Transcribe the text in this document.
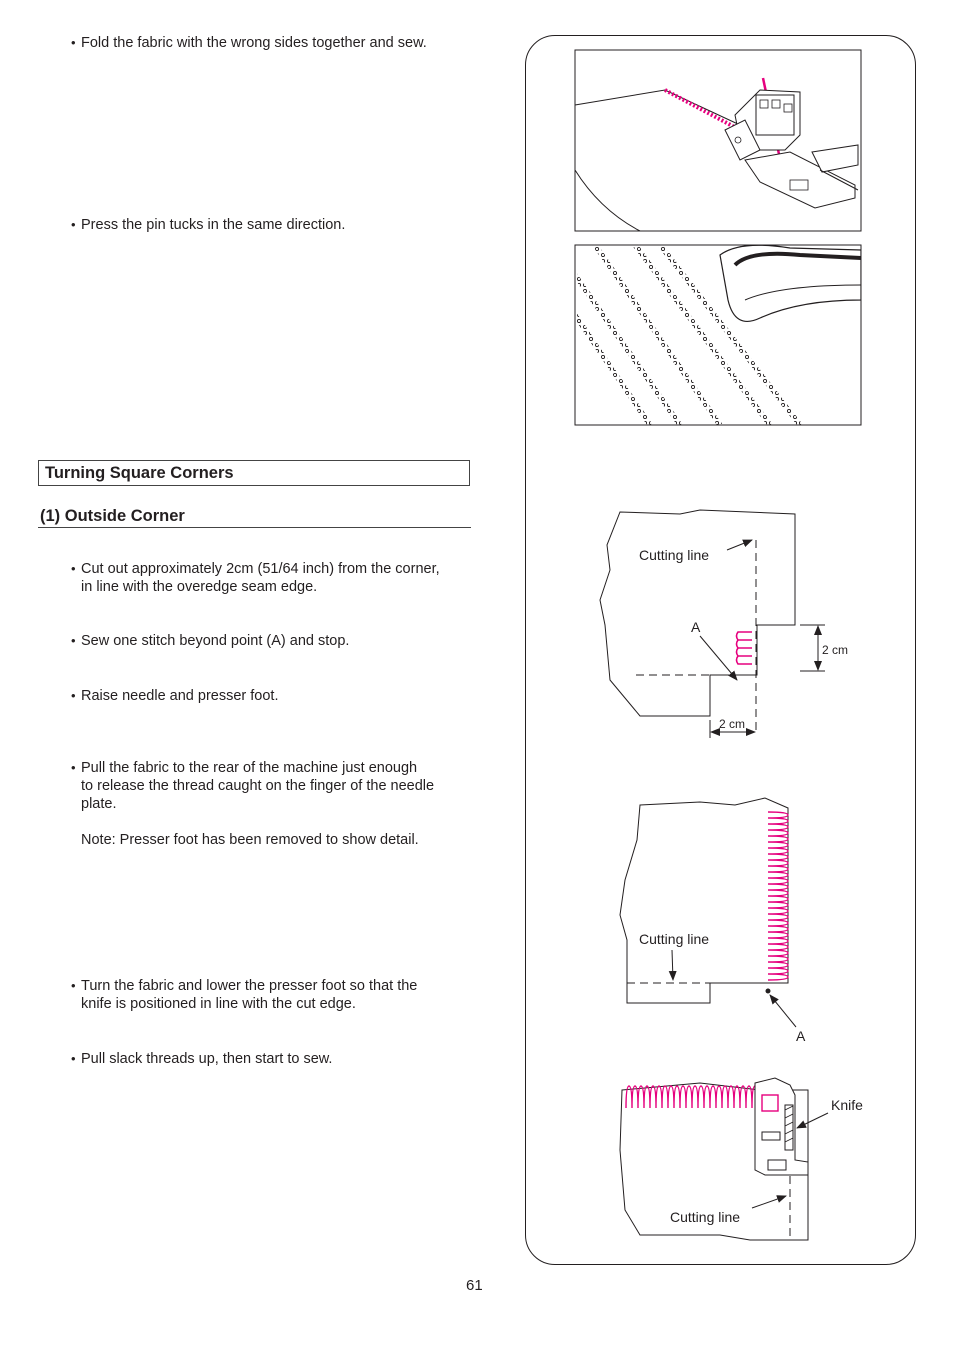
• Fold the fabric with the wrong sides together and sew.
• Press the pin tucks in the same direction.
Turning Square Corners
(1) Outside Corner
• Cut out approximately 2cm (51/64 inch) from the corner,
in line with the overedge seam edge.
• Sew one stitch beyond point (A) and stop.
• Raise needle and presser foot.
• Pull the fabric to the rear of the machine just enough
to release the thread caught on the finger of the needle
plate.
Note: Presser foot has been removed to show detail.
• Turn the fabric and lower the presser foot so that the
knife is positioned in line with the cut edge.
• Pull slack threads up, then start to sew.
61
Cutting line
A
2 cm
2 cm
Cutting line
A
Knife
Cutting line
